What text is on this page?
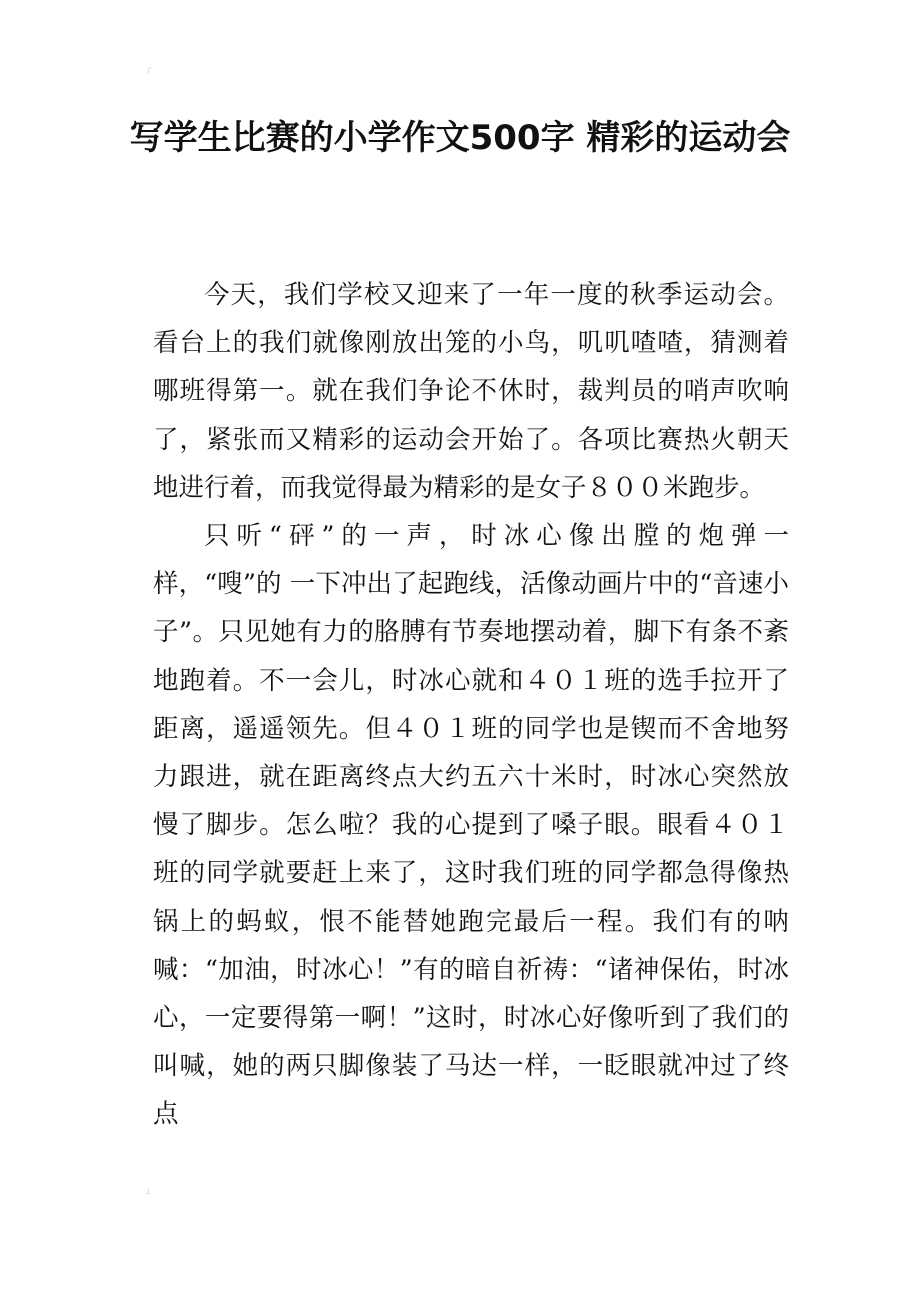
┌
写学生比赛的小学作文500字 精彩的运动会

今天，我们学校又迎来了一年一度的秋季运动会。看台上的我们就像刚放出笼的小鸟，叽叽喳喳，猜测着哪班得第一。就在我们争论不休时，裁判员的哨声吹响了，紧张而又精彩的运动会开始了。各项比赛热火朝天地进行着，而我觉得最为精彩的是女子８００米跑步。

只听“砰”的一声，时冰心像出膛的炮弹一样，“嗖”的 一下冲出了起跑线，活像动画片中的“音速小子”。只见她有力的胳膊有节奏地摆动着，脚下有条不紊地跑着。不一会儿，时冰心就和４０１班的选手拉开了距离，遥遥领先。但４０１班的同学也是锲而不舍地努力跟进，就在距离终点大约五六十米时，时冰心突然放慢了脚步。怎么啦？我的心提到了嗓子眼。眼看４０１班的同学就要赶上来了，这时我们班的同学都急得像热锅上的蚂蚁，恨不能替她跑完最后一程。我们有的呐喊：“加油，时冰心！”有的暗自祈祷：“诸神保佑，时冰心，一定要得第一啊！”这时，时冰心好像听到了我们的叫喊，她的两只脚像装了马达一样，一眨眼就冲过了终点

┘
